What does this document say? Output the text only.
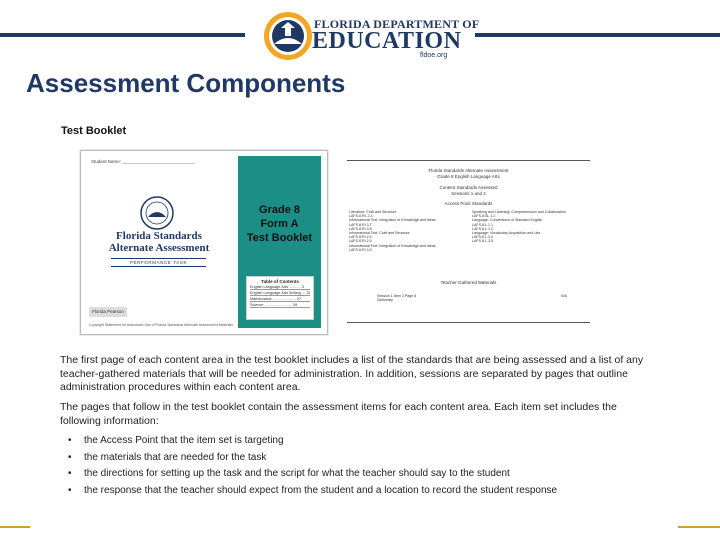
FLORIDA DEPARTMENT OF
EDUCATION
fldoe.org
Assessment Components
Test Booklet
Student Name: _____________________________
Florida Standards
Alternate Assessment
PERFORMANCE TASK
Florida Pearson
Copyright Statement for Authorized Use of Florida Standards Alternate Assessment Materials
Grade 8
Form A
Test Booklet
Table of Contents
English Language Arts ........... 3
English Language Arts Writing ... 15
Mathematics ...................... 27
Science .......................... 39
Florida Standards Alternate Assessment
Grade 8 English Language Arts
Content Standards Assessed
Sessions 1 and 2
Access Point Standards
Literature: Craft and Structure
LAFS.8.RL.2.4
Informational Text: Integration of Knowledge and Ideas
LAFS.8.RI.3.7
LAFS.8.RI.3.8
Informational Text: Craft and Structure
LAFS.8.RI.2.4
LAFS.8.RI.2.5
Informational Text: Integration of Knowledge and Ideas
LAFS.8.RI.3.9
Speaking and Listening: Comprehension and Collaboration
LAFS.8.SL.1.2
Language: Conventions of Standard English
LAFS.8.L.1.1
LAFS.8.L.1.2
Language: Vocabulary Acquisition and Use
LAFS.8.L.3.4
LAFS.8.L.3.5
Teacher-Gathered Materials
Session 1 Item 3 Page 8	N/A
Dictionary
The first page of each content area in the test booklet includes a list of the standards that are being assessed and a list of any teacher-gathered materials that will be needed for administration. In addition, sessions are separated by pages that outline administration procedures within each content area.
The pages that follow in the test booklet contain the assessment items for each content area. Each item set includes the following information:
• the Access Point that the item set is targeting
• the materials that are needed for the task
• the directions for setting up the task and the script for what the teacher should say to the student
• the response that the teacher should expect from the student and a location to record the student response
